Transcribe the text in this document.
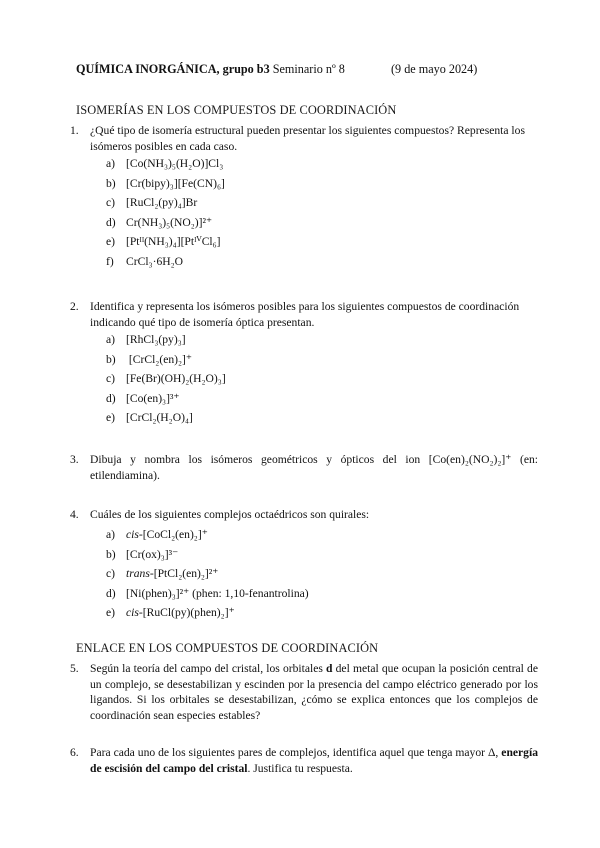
QUÍMICA INORGÁNICA, grupo b3 Seminario nº 8	(9 de mayo 2024)
ISOMERÍAS EN LOS COMPUESTOS DE COORDINACIÓN
1. ¿Qué tipo de isomería estructural pueden presentar los siguientes compuestos? Representa los isómeros posibles en cada caso.
a) [Co(NH₃)₅(H₂O)]Cl₃
b) [Cr(bipy)₃][Fe(CN)₆]
c) [RuCl₂(py)₄]Br
d) Cr(NH₃)₅(NO₂)]²⁺
e) [Ptᴵᴵ(NH₃)₄][PtᴵⱽCl₆]
f) CrCl₃·6H₂O
2. Identifica y representa los isómeros posibles para los siguientes compuestos de coordinación indicando qué tipo de isomería óptica presentan.
a) [RhCl₃(py)₃]
b) [CrCl₂(en)₂]⁺
c) [Fe(Br)(OH)₂(H₂O)₃]
d) [Co(en)₃]³⁺
e) [CrCl₂(H₂O)₄]
3. Dibuja y nombra los isómeros geométricos y ópticos del ion [Co(en)₂(NO₂)₂]⁺ (en: etilendiamina).
4. Cuáles de los siguientes complejos octaédricos son quirales:
a) cis-[CoCl₂(en)₂]⁺
b) [Cr(ox)₃]³⁻
c) trans-[PtCl₂(en)₂]²⁺
d) [Ni(phen)₃]²⁺ (phen: 1,10-fenantrolina)
e) cis-[RuCl(py)(phen)₂]⁺
ENLACE EN LOS COMPUESTOS DE COORDINACIÓN
5. Según la teoría del campo del cristal, los orbitales d del metal que ocupan la posición central de un complejo, se desestabilizan y escinden por la presencia del campo eléctrico generado por los ligandos. Si los orbitales se desestabilizan, ¿cómo se explica entonces que los complejos de coordinación sean especies estables?
6. Para cada uno de los siguientes pares de complejos, identifica aquel que tenga mayor Δ, energía de escisión del campo del cristal. Justifica tu respuesta.
